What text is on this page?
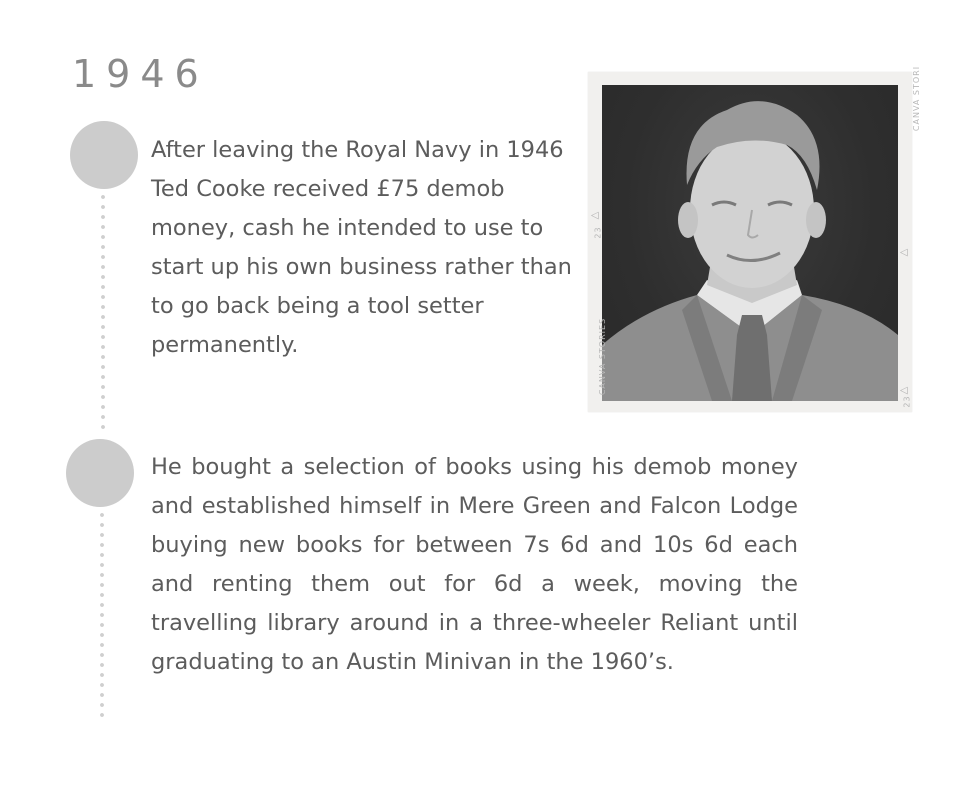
1946
After leaving the Royal Navy in 1946 Ted Cooke received £75 demob money, cash he intended to use to start up his own business rather than to go back being a tool setter permanently.
He bought a selection of books using his demob money and established himself in Mere Green and Falcon Lodge buying new books for between 7s 6d and 10s 6d each and renting them out for 6d a week, moving the travelling library around in a three-wheeler Reliant until graduating to an Austin Minivan in the 1960’s.
CANVA STORIES
CANVA STORI
23
△
△
△
23
